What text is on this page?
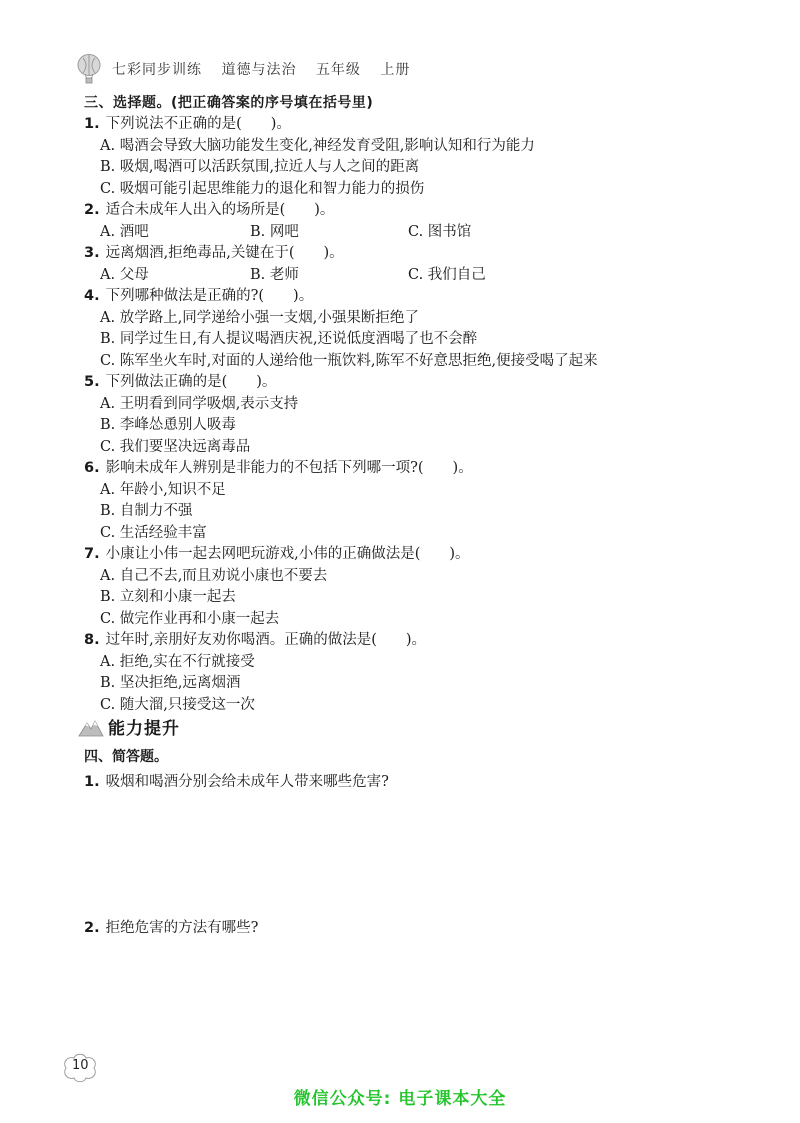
七彩同步训练 道德与法治 五年级 上册
三、选择题。(把正确答案的序号填在括号里)
1. 下列说法不正确的是(　　)。
A. 喝酒会导致大脑功能发生变化,神经发育受阻,影响认知和行为能力
B. 吸烟,喝酒可以活跃氛围,拉近人与人之间的距离
C. 吸烟可能引起思维能力的退化和智力能力的损伤
2. 适合未成年人出入的场所是(　　)。
A. 酒吧	B. 网吧	C. 图书馆
3. 远离烟酒,拒绝毒品,关键在于(　　)。
A. 父母	B. 老师	C. 我们自己
4. 下列哪种做法是正确的?(　　)。
A. 放学路上,同学递给小强一支烟,小强果断拒绝了
B. 同学过生日,有人提议喝酒庆祝,还说低度酒喝了也不会醉
C. 陈军坐火车时,对面的人递给他一瓶饮料,陈军不好意思拒绝,便接受喝了起来
5. 下列做法正确的是(　　)。
A. 王明看到同学吸烟,表示支持
B. 李峰怂恿别人吸毒
C. 我们要坚决远离毒品
6. 影响未成年人辨别是非能力的不包括下列哪一项?(　　)。
A. 年龄小,知识不足
B. 自制力不强
C. 生活经验丰富
7. 小康让小伟一起去网吧玩游戏,小伟的正确做法是(　　)。
A. 自己不去,而且劝说小康也不要去
B. 立刻和小康一起去
C. 做完作业再和小康一起去
8. 过年时,亲朋好友劝你喝酒。正确的做法是(　　)。
A. 拒绝,实在不行就接受
B. 坚决拒绝,远离烟酒
C. 随大溜,只接受这一次
能力提升
四、简答题。
1. 吸烟和喝酒分别会给未成年人带来哪些危害?
2. 拒绝危害的方法有哪些?
10
微信公众号: 电子课本大全
